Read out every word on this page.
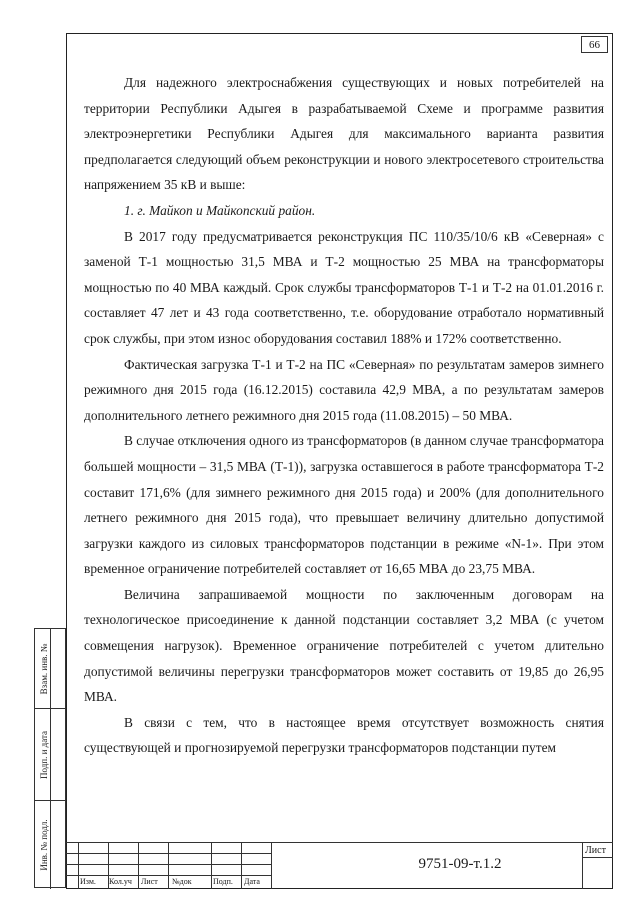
66
Взам. инв. №
Подп. и дата
Инв. № подл.

Для надежного электроснабжения существующих и новых потребителей на территории Республики Адыгея в разрабатываемой Схеме и программе развития электроэнергетики Республики Адыгея для максимального варианта развития предполагается следующий объем реконструкции и нового электросетевого строительства напряжением 35 кВ и выше:

1. г. Майкоп и Майкопский район.

В 2017 году предусматривается реконструкция ПС 110/35/10/6 кВ «Северная» с заменой Т-1 мощностью 31,5 МВА и Т-2 мощностью 25 МВА на трансформаторы мощностью по 40 МВА каждый. Срок службы трансформаторов Т-1 и Т-2 на 01.01.2016 г. составляет 47 лет и 43 года соответственно, т.е. оборудование отработало нормативный срок службы, при этом износ оборудования составил 188% и 172% соответственно.

Фактическая загрузка Т-1 и Т-2 на ПС «Северная» по результатам замеров зимнего режимного дня 2015 года (16.12.2015) составила 42,9 МВА, а по результатам замеров дополнительного летнего режимного дня 2015 года (11.08.2015) – 50 МВА.

В случае отключения одного из трансформаторов (в данном случае трансформатора большей мощности – 31,5 МВА (Т-1)), загрузка оставшегося в работе трансформатора Т-2 составит 171,6% (для зимнего режимного дня 2015 года) и 200% (для дополнительного летнего режимного дня 2015 года), что превышает величину длительно допустимой загрузки каждого из силовых трансформаторов подстанции в режиме «N-1». При этом временное ограничение потребителей составляет от 16,65 МВА до 23,75 МВА.

Величина запрашиваемой мощности по заключенным договорам на технологическое присоединение к данной подстанции составляет 3,2 МВА (с учетом совмещения нагрузок). Временное ограничение потребителей с учетом длительно допустимой величины перегрузки трансформаторов может составить от 19,85 до 26,95 МВА.

В связи с тем, что в настоящее время отсутствует возможность снятия существующей и прогнозируемой перегрузки трансформаторов подстанции путем

9751-09-т.1.2
Лист
Изм. Кол.уч Лист №док	Подп. Дата
